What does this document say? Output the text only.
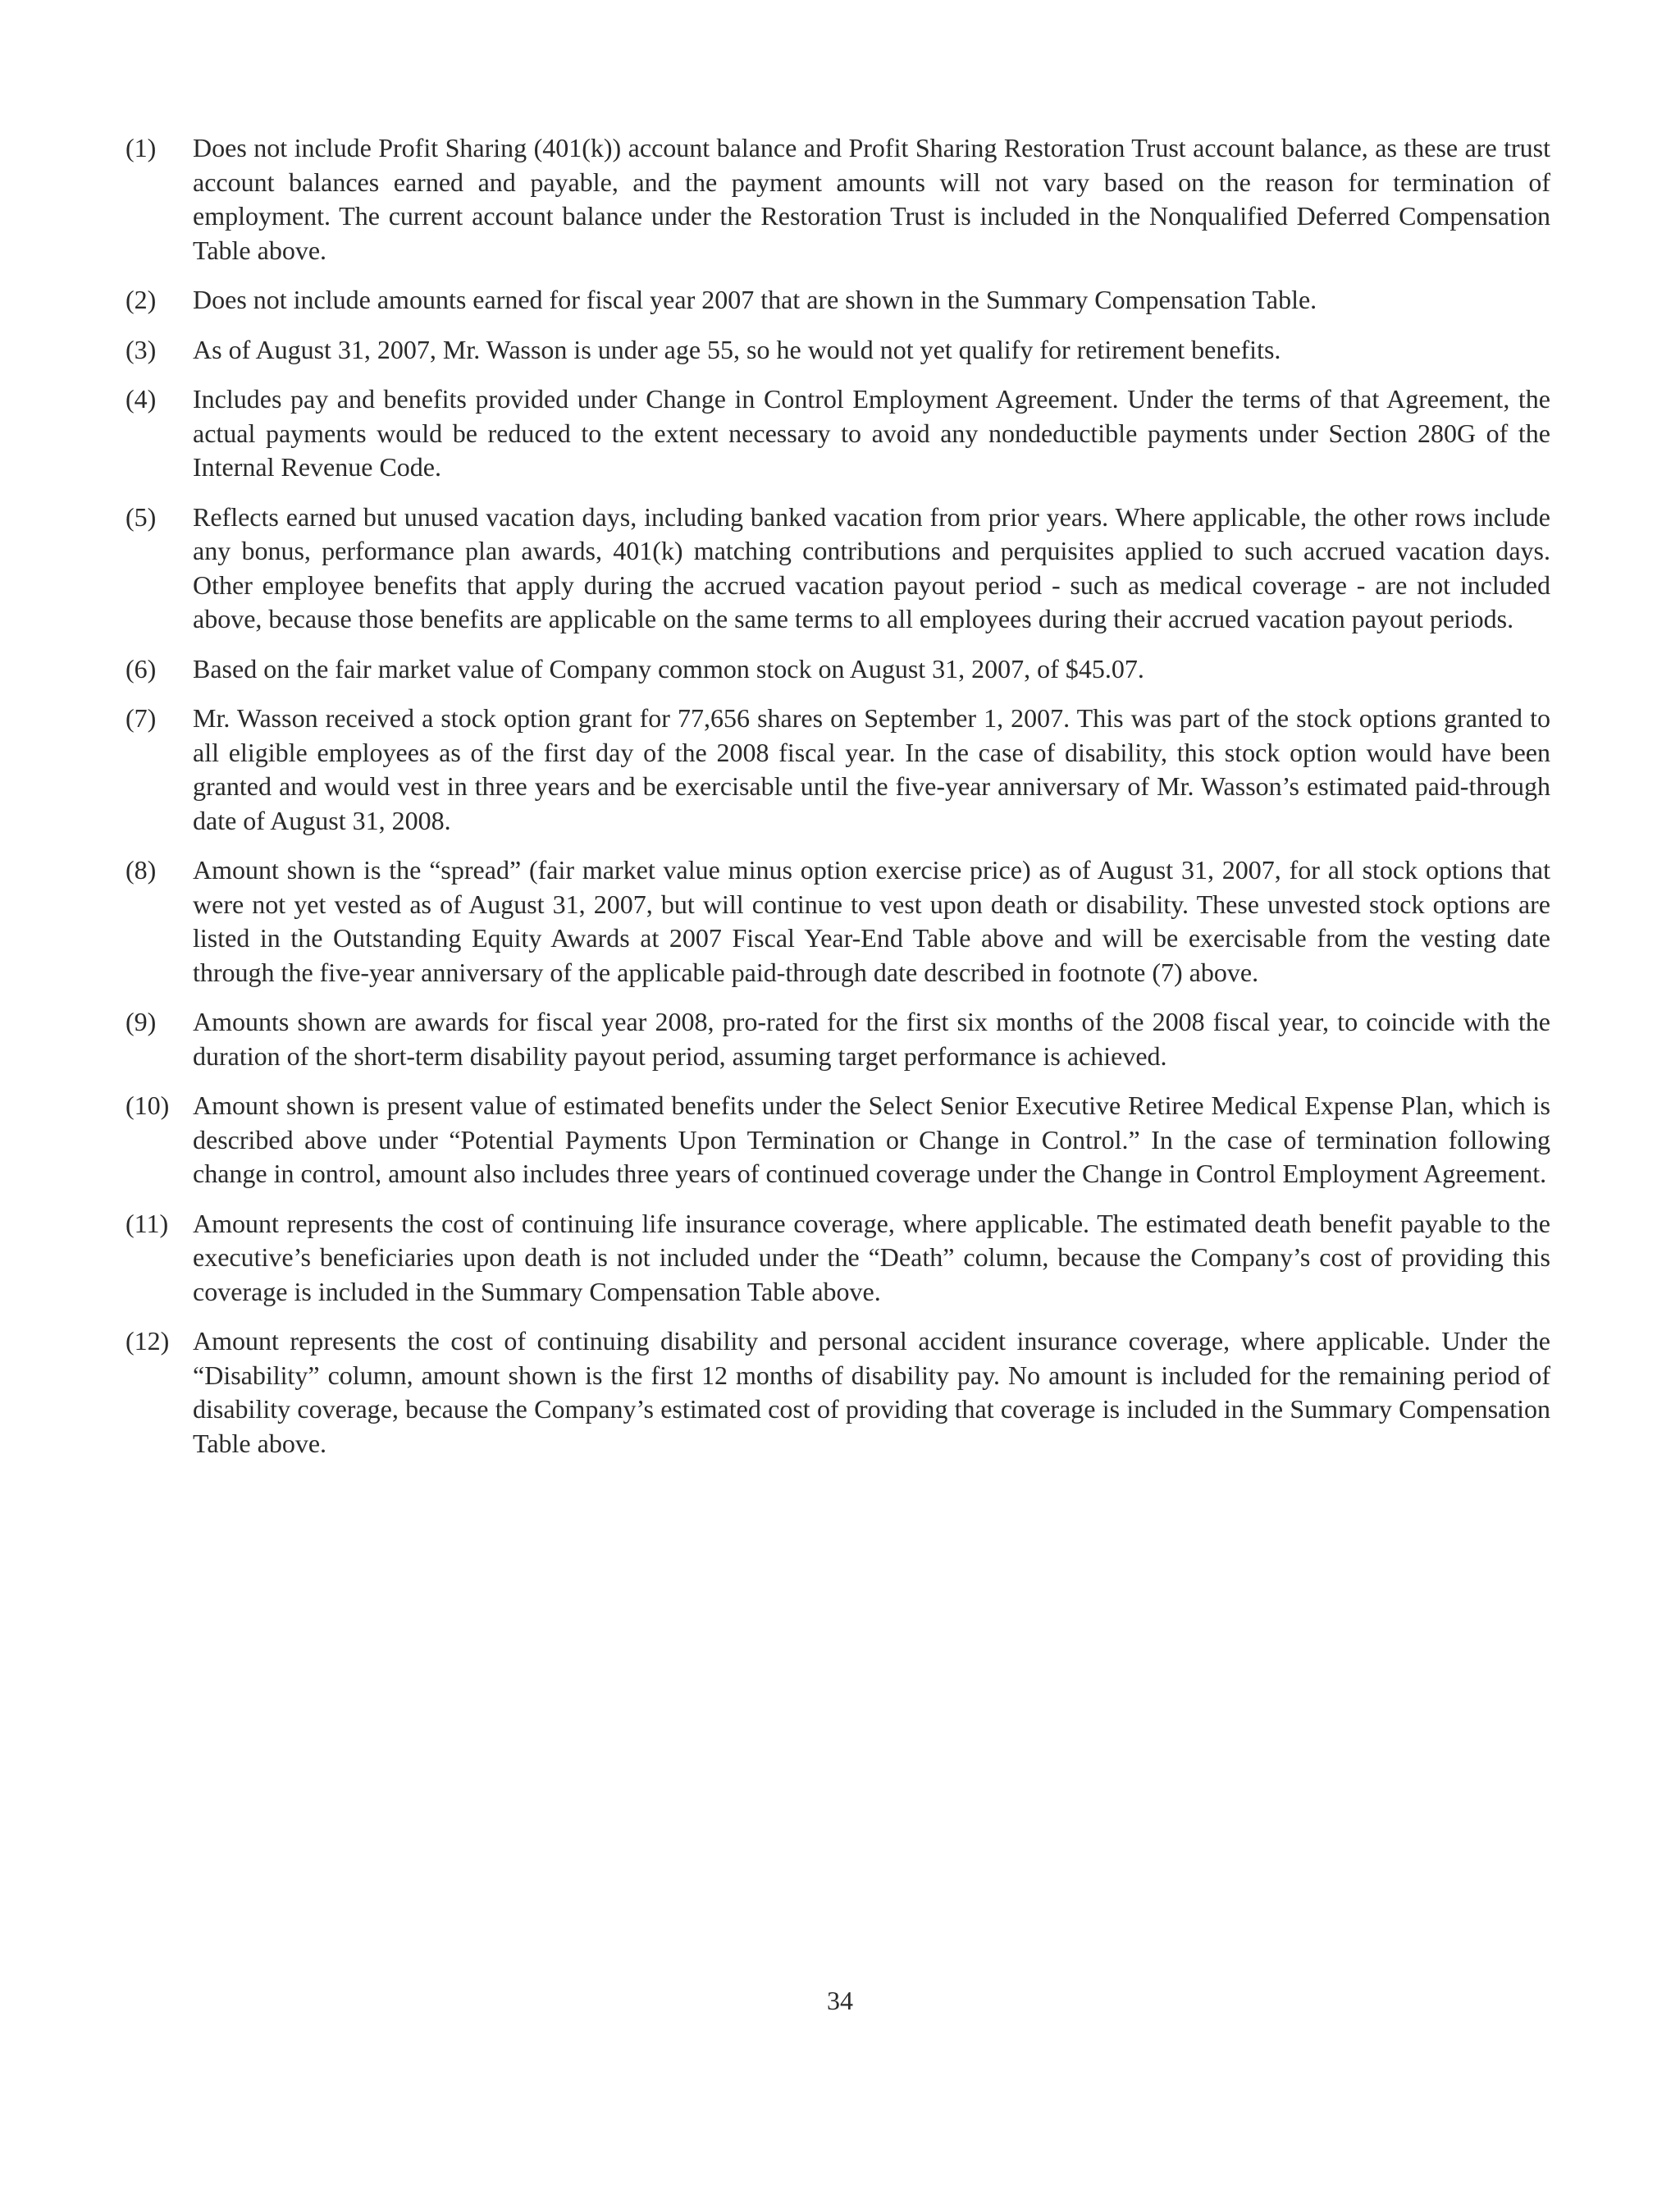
(1)	Does not include Profit Sharing (401(k)) account balance and Profit Sharing Restoration Trust account balance, as these are trust account balances earned and payable, and the payment amounts will not vary based on the reason for termination of employment. The current account balance under the Restoration Trust is included in the Nonqualified Deferred Compensation Table above.
(2)	Does not include amounts earned for fiscal year 2007 that are shown in the Summary Compensation Table.
(3)	As of August 31, 2007, Mr. Wasson is under age 55, so he would not yet qualify for retirement benefits.
(4)	Includes pay and benefits provided under Change in Control Employment Agreement. Under the terms of that Agreement, the actual payments would be reduced to the extent necessary to avoid any nondeductible payments under Section 280G of the Internal Revenue Code.
(5)	Reflects earned but unused vacation days, including banked vacation from prior years. Where applicable, the other rows include any bonus, performance plan awards, 401(k) matching contributions and perquisites applied to such accrued vacation days. Other employee benefits that apply during the accrued vacation payout period - such as medical coverage - are not included above, because those benefits are applicable on the same terms to all employees during their accrued vacation payout periods.
(6)	Based on the fair market value of Company common stock on August 31, 2007, of $45.07.
(7)	Mr. Wasson received a stock option grant for 77,656 shares on September 1, 2007. This was part of the stock options granted to all eligible employees as of the first day of the 2008 fiscal year. In the case of disability, this stock option would have been granted and would vest in three years and be exercisable until the five-year anniversary of Mr. Wasson’s estimated paid-through date of August 31, 2008.
(8)	Amount shown is the “spread” (fair market value minus option exercise price) as of August 31, 2007, for all stock options that were not yet vested as of August 31, 2007, but will continue to vest upon death or disability. These unvested stock options are listed in the Outstanding Equity Awards at 2007 Fiscal Year-End Table above and will be exercisable from the vesting date through the five-year anniversary of the applicable paid-through date described in footnote (7) above.
(9)	Amounts shown are awards for fiscal year 2008, pro-rated for the first six months of the 2008 fiscal year, to coincide with the duration of the short-term disability payout period, assuming target performance is achieved.
(10) Amount shown is present value of estimated benefits under the Select Senior Executive Retiree Medical Expense Plan, which is described above under “Potential Payments Upon Termination or Change in Control.” In the case of termination following change in control, amount also includes three years of continued coverage under the Change in Control Employment Agreement.
(11) Amount represents the cost of continuing life insurance coverage, where applicable. The estimated death benefit payable to the executive’s beneficiaries upon death is not included under the “Death” column, because the Company’s cost of providing this coverage is included in the Summary Compensation Table above.
(12) Amount represents the cost of continuing disability and personal accident insurance coverage, where applicable. Under the “Disability” column, amount shown is the first 12 months of disability pay. No amount is included for the remaining period of disability coverage, because the Company’s estimated cost of providing that coverage is included in the Summary Compensation Table above.
34
